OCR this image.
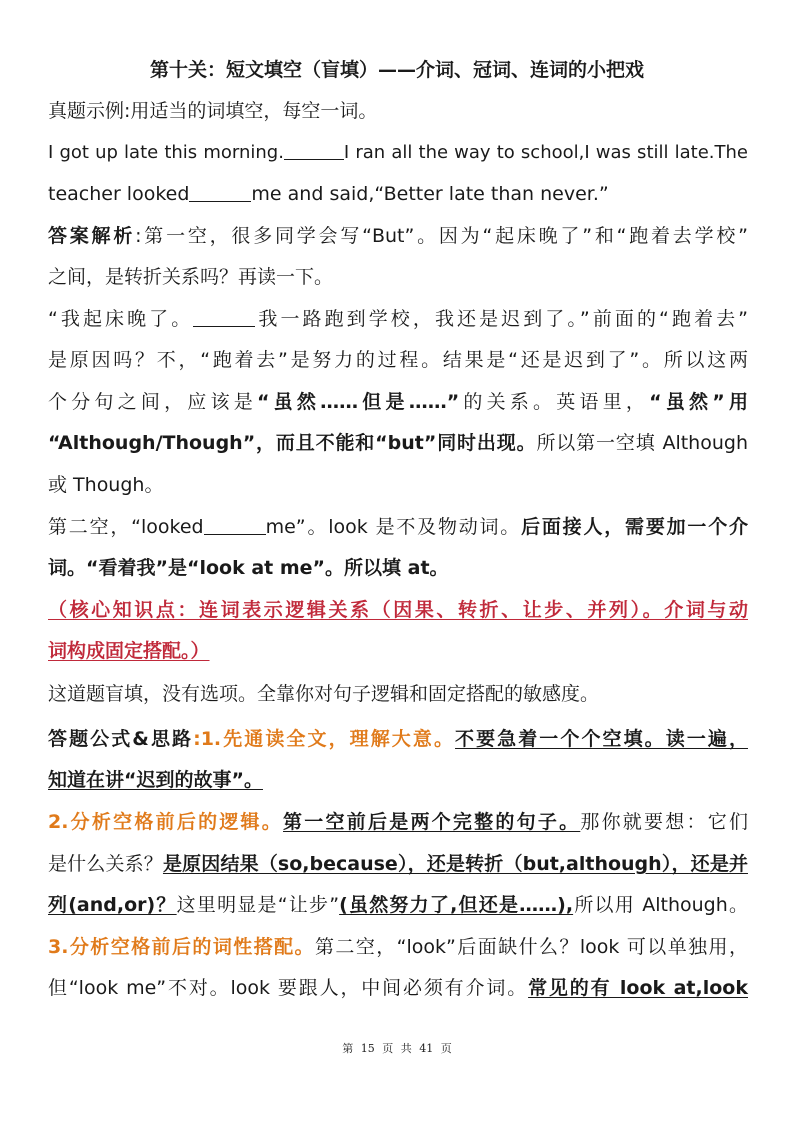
第十关：短文填空（盲填）——介词、冠词、连词的小把戏
真题示例:用适当的词填空，每空一词。
I got up late this morning.	I ran all the way to school,I was still late.The
teacher looked	me and said,“Better late than never.”
答案解析:第一空，很多同学会写“But”。因为“起床晚了”和“跑着去学校”
之间，是转折关系吗？再读一下。
“我起床晚了。	我一路跑到学校，我还是迟到了。”前面的“跑着去”
是原因吗？不，“跑着去”是努力的过程。结果是“还是迟到了”。所以这两
个分句之间，应该是“虽然……但是……”的关系。英语里，“虽然”用
“Although/Though”，而且不能和“but”同时出现。所以第一空填 Although
或 Though。
第二空，“looked	me”。look 是不及物动词。后面接人，需要加一个介
词。“看着我”是“look at me”。所以填 at。
（核心知识点：连词表示逻辑关系（因果、转折、让步、并列）。介词与动
词构成固定搭配。）
这道题盲填，没有选项。全靠你对句子逻辑和固定搭配的敏感度。
答题公式&思路:1.先通读全文，理解大意。不要急着一个个空填。读一遍，
知道在讲“迟到的故事”。
2.分析空格前后的逻辑。第一空前后是两个完整的句子。那你就要想：它们
是什么关系？是原因结果（so,because），还是转折（but,although），还是并
列(and,or)？这里明显是“让步”(虽然努力了,但还是……),所以用 Although。
3.分析空格前后的词性搭配。第二空，“look”后面缺什么？look 可以单独用，
但“look me”不对。look 要跟人，中间必须有介词。常见的有 look at,look
第 15 页 共 41 页
